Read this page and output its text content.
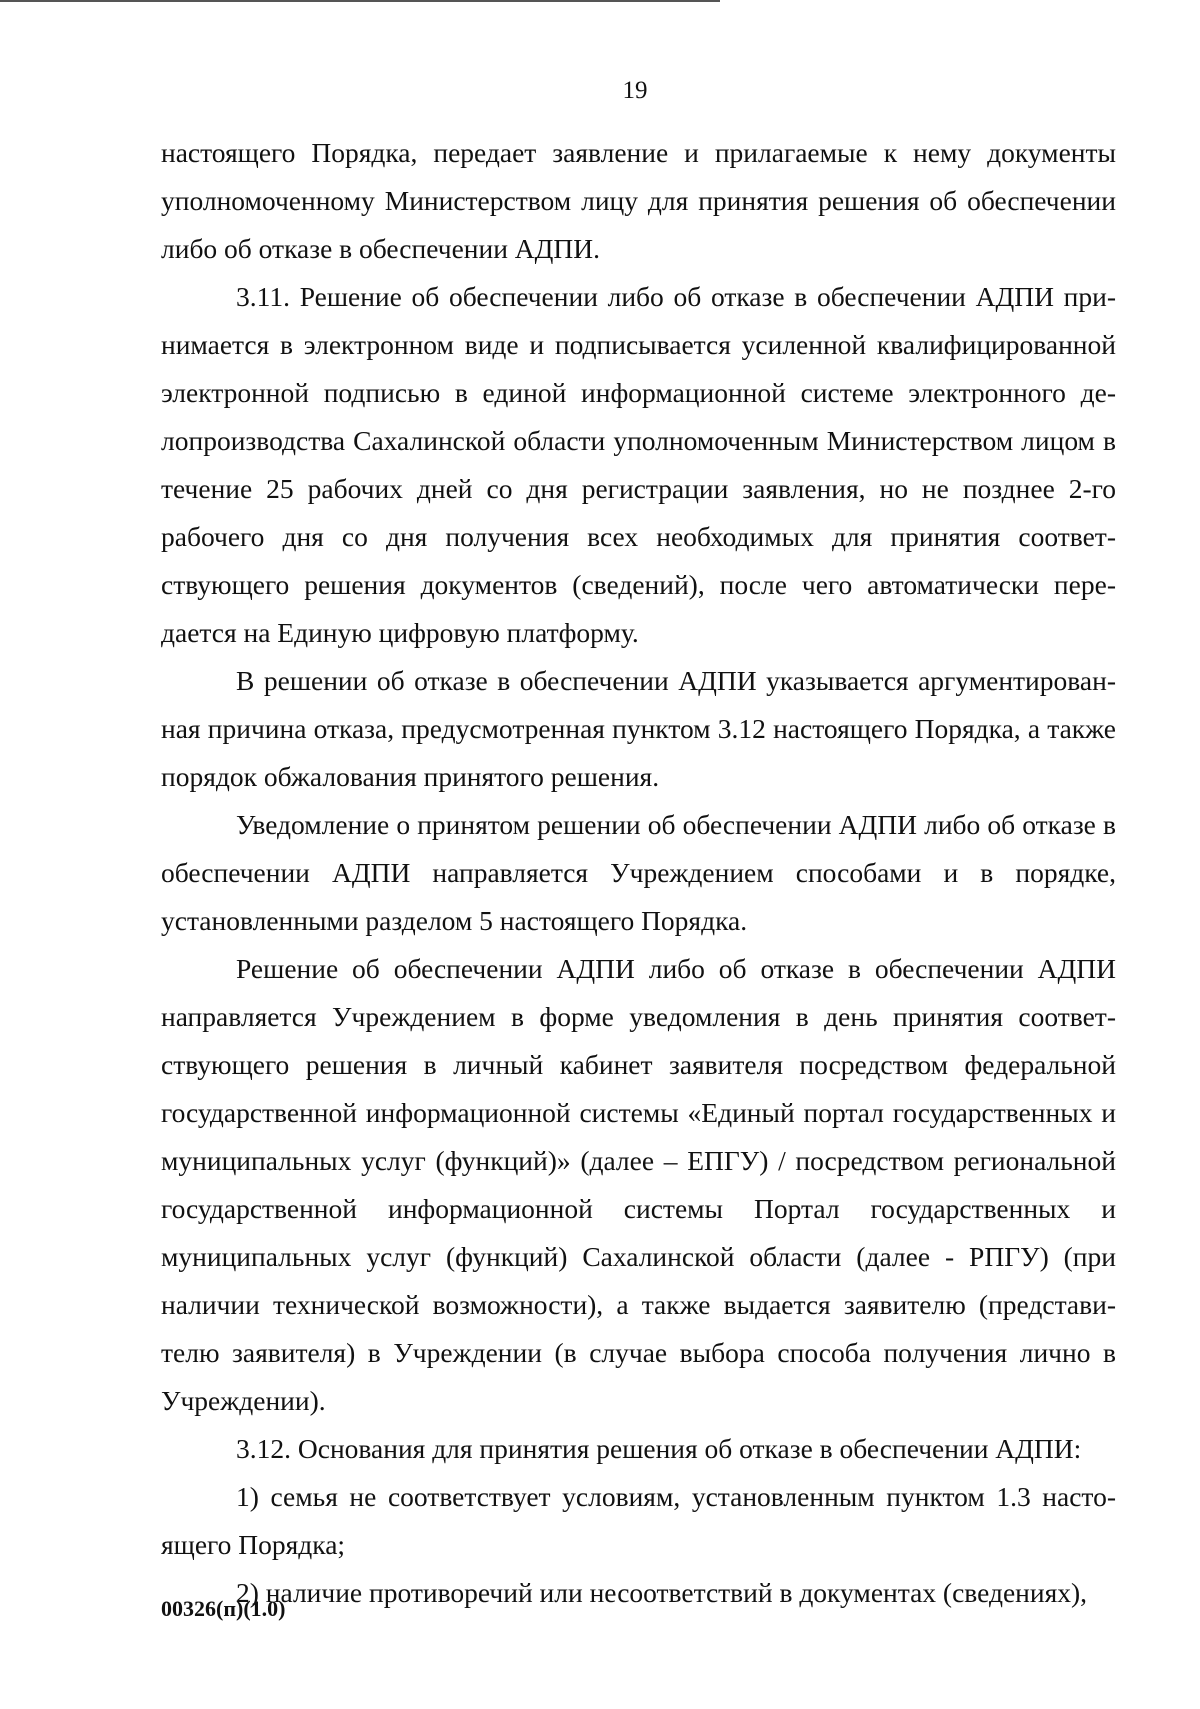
19

настоящего Порядка, передает заявление и прилагаемые к нему документы уполномоченному Министерством лицу для принятия решения об обеспечении либо об отказе в обеспечении АДПИ.

3.11. Решение об обеспечении либо об отказе в обеспечении АДПИ принимается в электронном виде и подписывается усиленной квалифицированной электронной подписью в единой информационной системе электронного делопроизводства Сахалинской области уполномоченным Министерством лицом в течение 25 рабочих дней со дня регистрации заявления, но не позднее 2-го рабочего дня со дня получения всех необходимых для принятия соответствующего решения документов (сведений), после чего автоматически передается на Единую цифровую платформу.

В решении об отказе в обеспечении АДПИ указывается аргументированная причина отказа, предусмотренная пунктом 3.12 настоящего Порядка, а также порядок обжалования принятого решения.

Уведомление о принятом решении об обеспечении АДПИ либо об отказе в обеспечении АДПИ направляется Учреждением способами и в порядке, установленными разделом 5 настоящего Порядка.

Решение об обеспечении АДПИ либо об отказе в обеспечении АДПИ направляется Учреждением в форме уведомления в день принятия соответствующего решения в личный кабинет заявителя посредством федеральной государственной информационной системы «Единый портал государственных и муниципальных услуг (функций)» (далее – ЕПГУ) / посредством региональной государственной информационной системы Портал государственных и муниципальных услуг (функций) Сахалинской области (далее - РПГУ) (при наличии технической возможности), а также выдается заявителю (представителю заявителя) в Учреждении (в случае выбора способа получения лично в Учреждении).

3.12. Основания для принятия решения об отказе в обеспечении АДПИ:

1) семья не соответствует условиям, установленным пунктом 1.3 настоящего Порядка;

2) наличие противоречий или несоответствий в документах (сведениях),

00326(п)(1.0)
